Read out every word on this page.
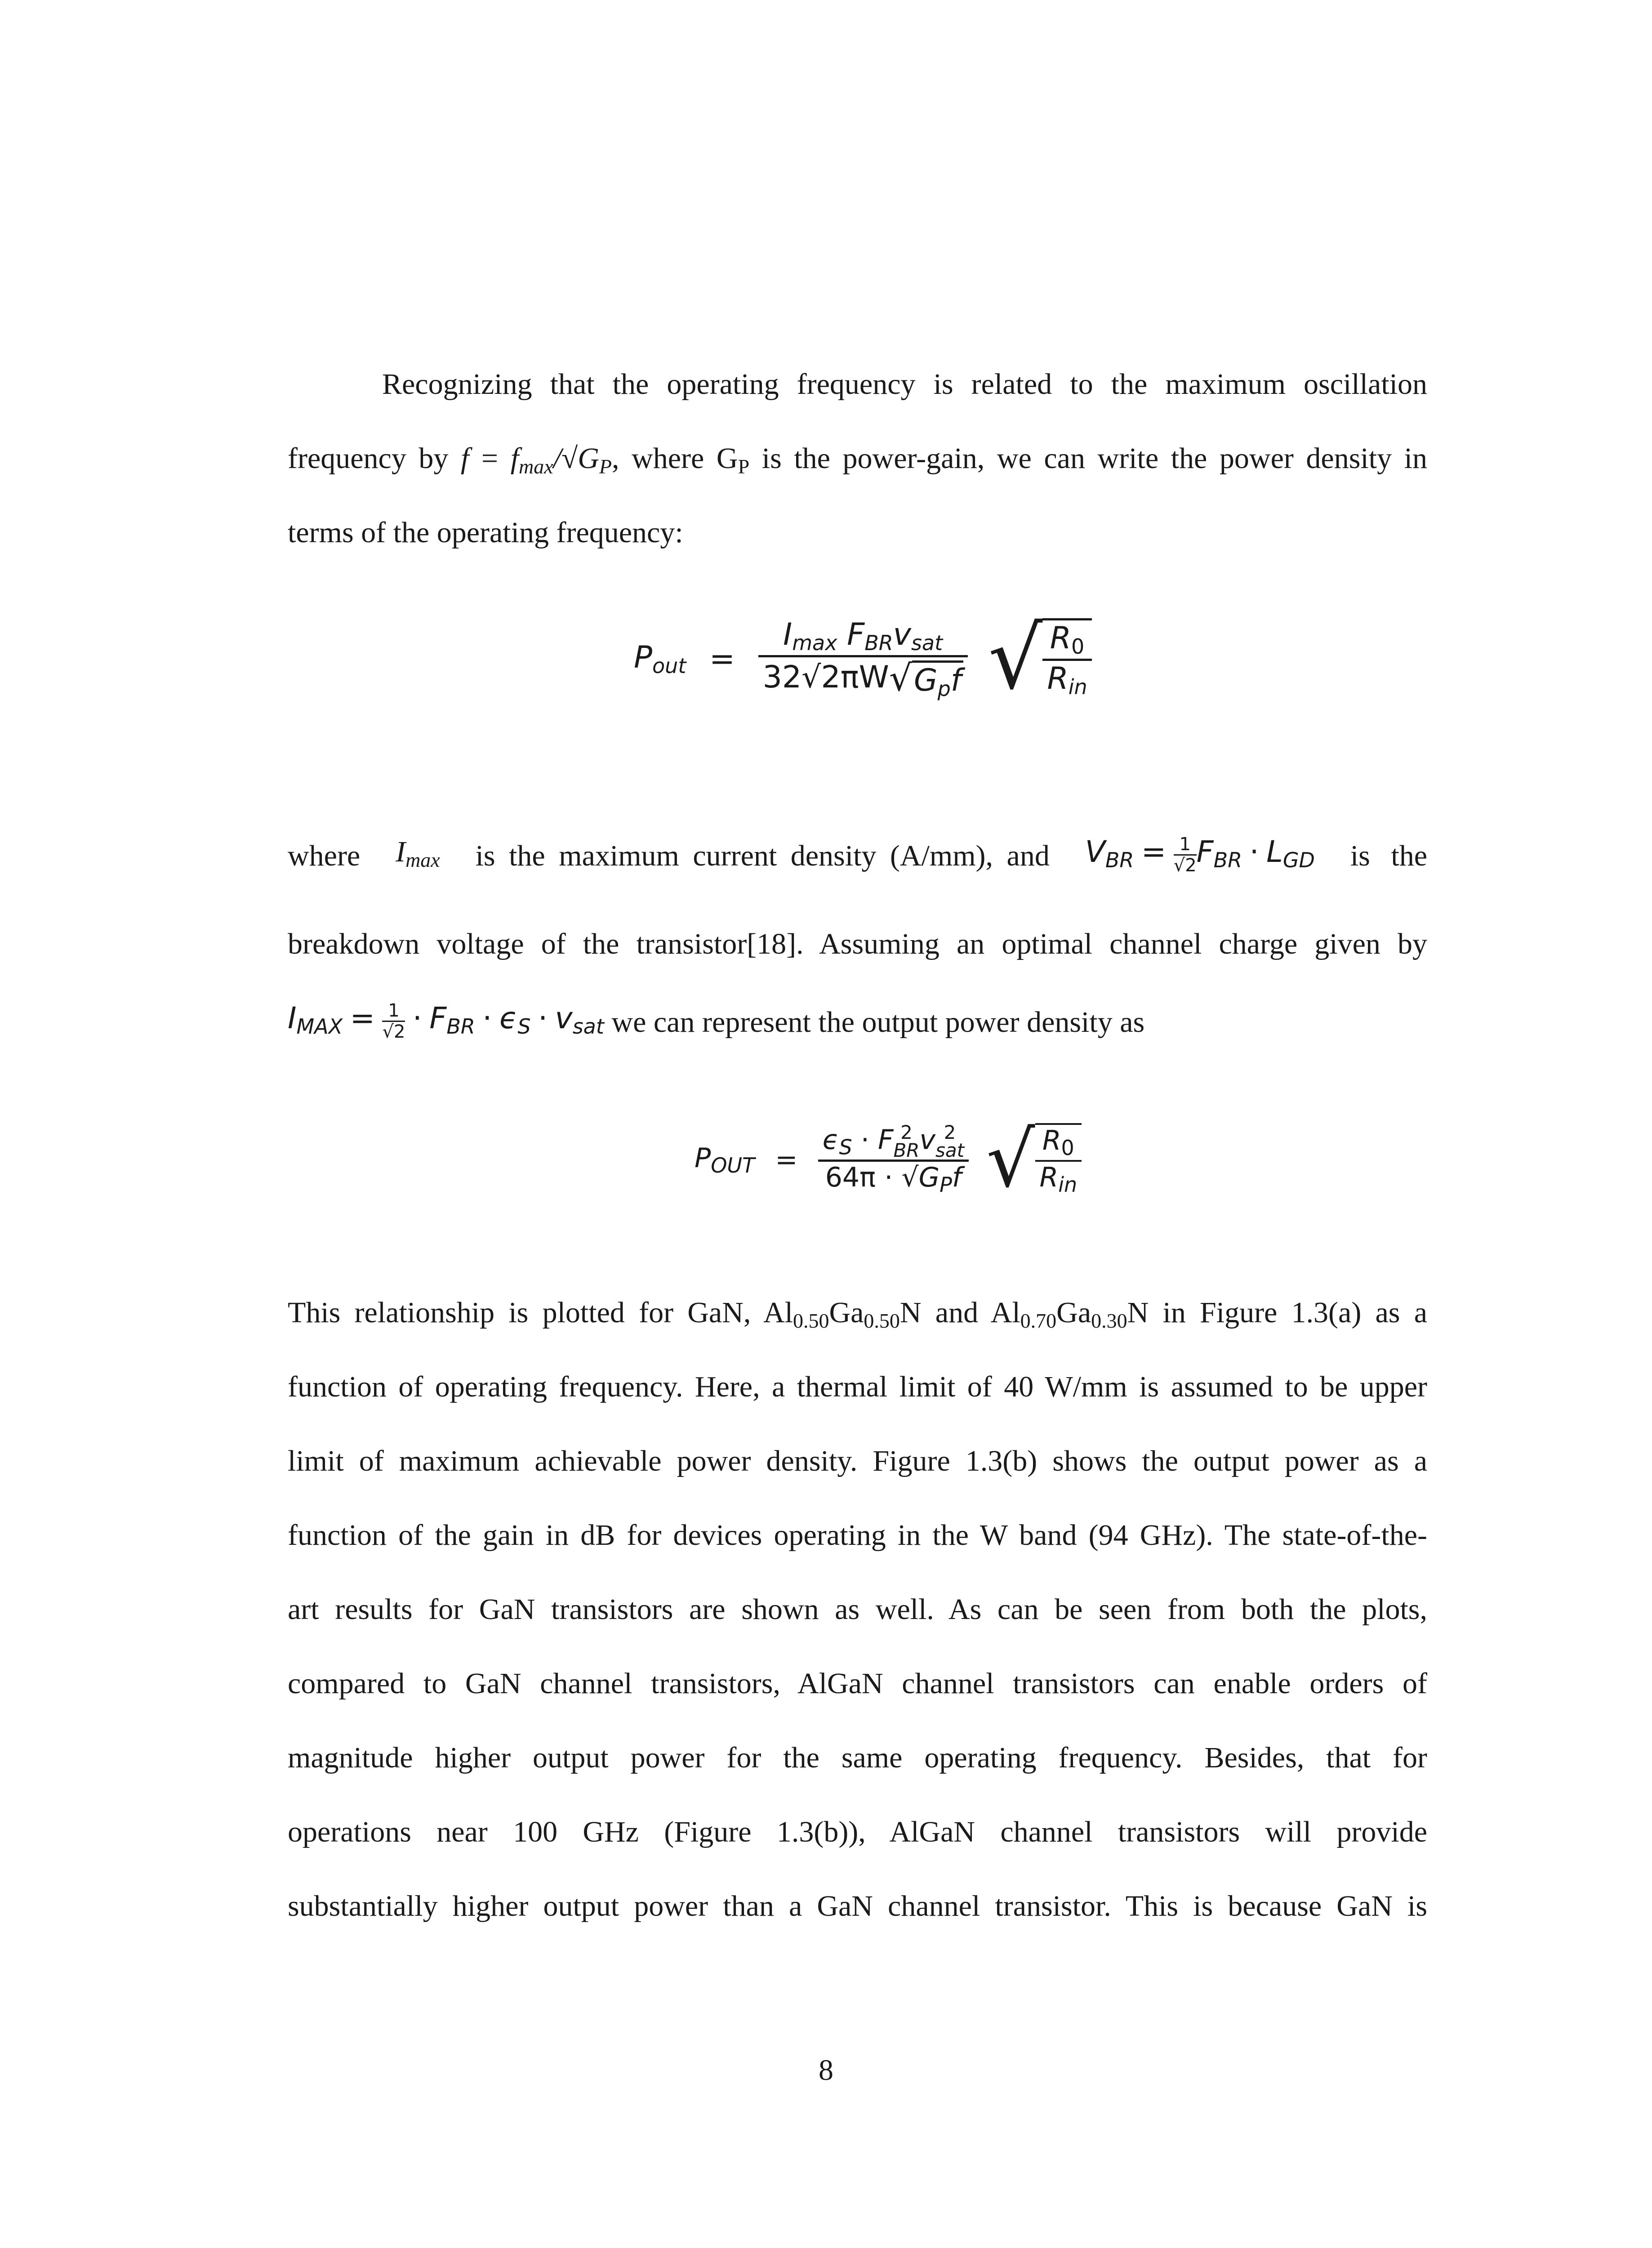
Recognizing that the operating frequency is related to the maximum oscillation
frequency by $f = f_{max}/√G_P$, where $G_P$ is the power-gain, we can write the power density in
terms of the operating frequency:
$P_{out}$ =
$I_{max}$ $F_{BR}v_{sat}$
$32√2\pi W√G_pf$ √ $R_0$
$R_{in}$
where $I_{max}$ is the maximum current density (A/mm), and $V_{BR} = \frac{1}{√2}F_{BR} \cdot L_{GD}$ is the
breakdown voltage of the transistor[18]. Assuming an optimal channel charge given by
$I_{MAX} = \frac{1}{√2} \cdot F_{BR} \cdot \epsilon_S \cdot v_{sat}$ we can represent the output power density as
$P_{OUT}$ =
$\epsilon_S \cdot F$ 2
BR v 2
sat
$64\pi \cdot √G_Pf$ √ $\frac{R_0}{R_{in}}$
This relationship is plotted for GaN, $Al_{0.50}Ga_{0.50}N$ and $Al_{0.70}Ga_{0.30}N$ in Figure 1.3(a) as a
function of operating frequency. Here, a thermal limit of 40 W/mm is assumed to be upper
limit of maximum achievable power density. Figure 1.3(b) shows the output power as a
function of the gain in dB for devices operating in the W band (94 GHz). The state-of-the-
art results for GaN transistors are shown as well. As can be seen from both the plots,
compared to GaN channel transistors, AlGaN channel transistors can enable orders of
magnitude higher output power for the same operating frequency. Besides, that for
operations near 100 GHz (Figure 1.3(b)), AlGaN channel transistors will provide
substantially higher output power than a GaN channel transistor. This is because GaN is
8
